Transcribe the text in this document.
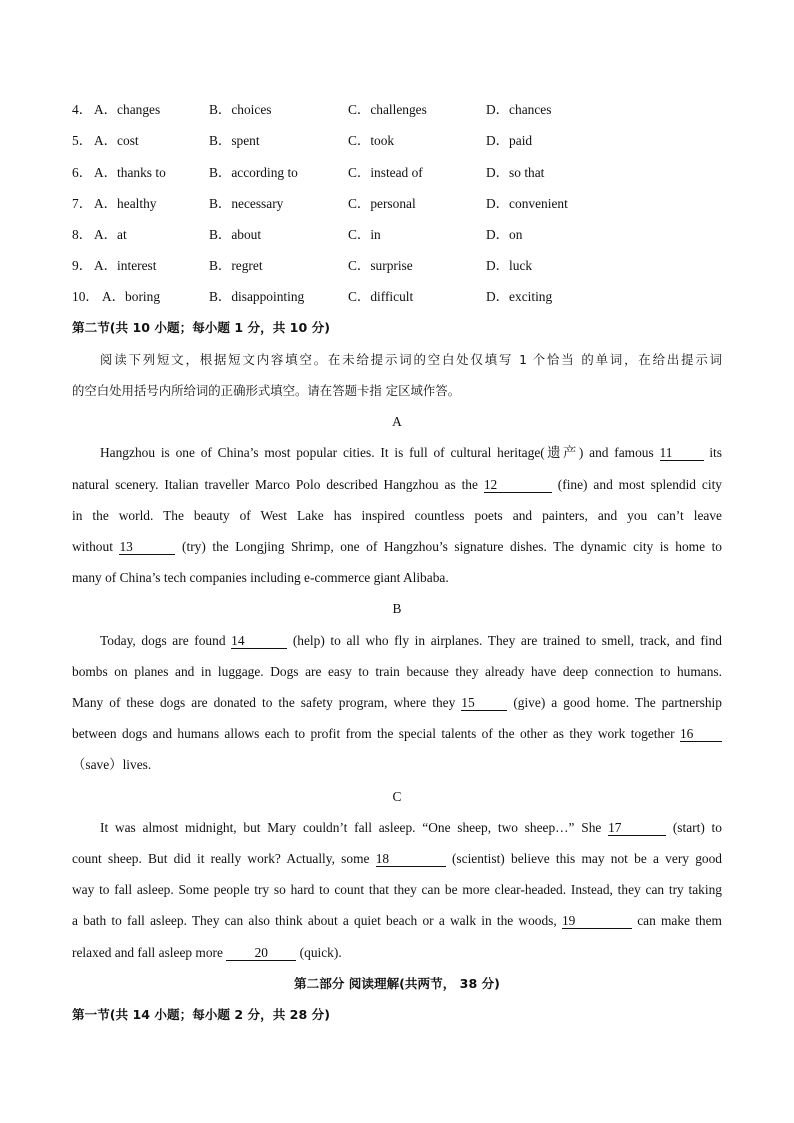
4． A．changes	B．choices	C．challenges	D．chances
5． A．cost	B．spent	C．took	D．paid
6． A．thanks to	B．according to	C．instead of	D．so that
7． A．healthy	B．necessary	C．personal	D．convenient
8． A．at	B．about	C．in	D．on
9． A．interest	B．regret	C．surprise	D．luck
10． A．boring	B．disappointing	C．difficult	D．exciting
第二节(共 10 小题；每小题 1 分，共 10 分)
阅读下列短文，根据短文内容填空。在未给提示词的空白处仅填写 1 个恰当 的单词，在给出提示词
的空白处用括号内所给词的正确形式填空。请在答题卡指 定区域作答。
A
Hangzhou is one of China’s most popular cities. It is full of cultural heritage(遗产) and famous 11	its
natural scenery. Italian traveller Marco Polo described Hangzhou as the 12	(fine) and most splendid city
in the world. The beauty of West Lake has inspired countless poets and painters, and you can’t leave
without 13	(try) the Longjing Shrimp, one of Hangzhou’s signature dishes. The dynamic city is home to
many of China’s tech companies including e-commerce giant Alibaba.
B
Today, dogs are found 14	(help) to all who fly in airplanes. They are trained to smell, track, and find
bombs on planes and in luggage. Dogs are easy to train because they already have deep connection to humans.
Many of these dogs are donated to the safety program, where they 15	(give) a good home. The partnership
between dogs and humans allows each to profit from the special talents of the other as they work together 16
（save）lives.
C
It was almost midnight, but Mary couldn’t fall asleep. “One sheep, two sheep…” She 17	(start) to
count sheep. But did it really work? Actually, some 18	(scientist) believe this may not be a very good
way to fall asleep. Some people try so hard to count that they can be more clear-headed. Instead, they can try taking
a bath to fall asleep. They can also think about a quiet beach or a walk in the woods, 19	can make them
relaxed and fall asleep more 20 (quick).
第二部分 阅读理解(共两节， 38 分)
第一节(共 14 小题；每小题 2 分，共 28 分)
